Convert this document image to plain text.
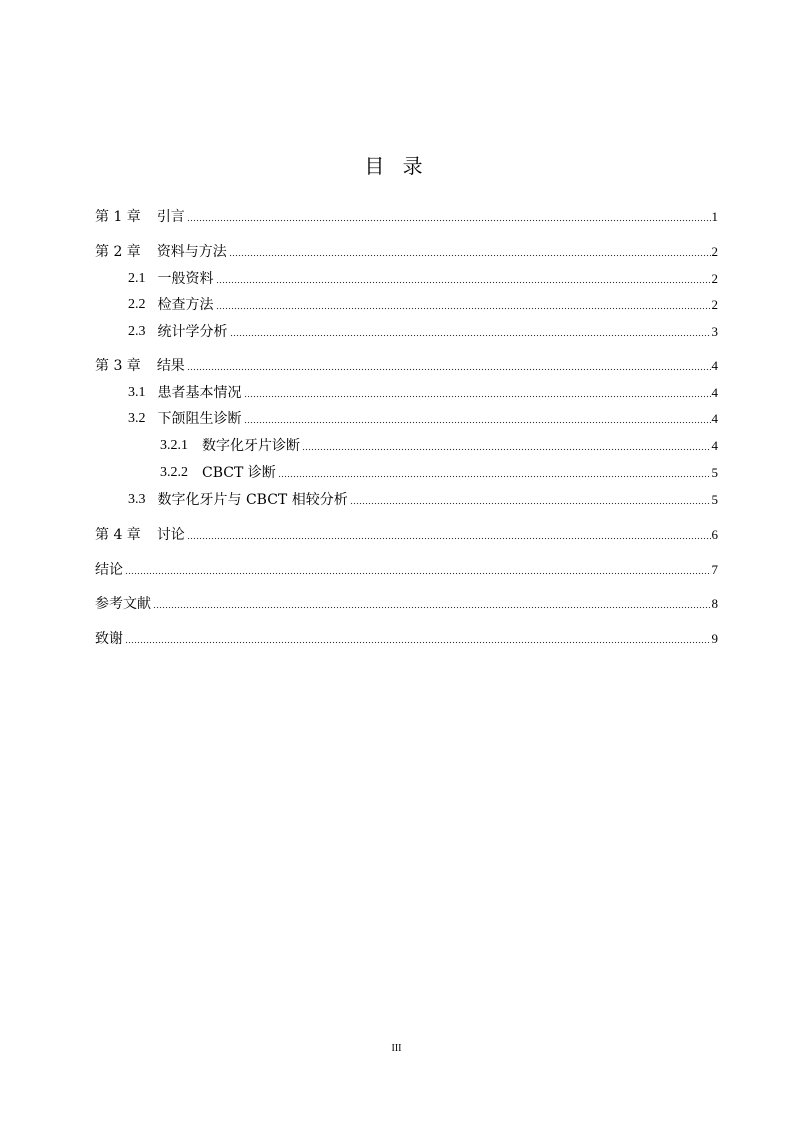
目 录
第 1 章 引言	1
第 2 章 资料与方法	2
2.1 一般资料	2
2.2 检查方法	2
2.3 统计学分析	3
第 3 章 结果	4
3.1 患者基本情况	4
3.2 下颌阻生诊断	4
3.2.1 数字化牙片诊断	4
3.2.2 CBCT 诊断	5
3.3 数字化牙片与 CBCT 相较分析	5
第 4 章 讨论	6
结论	7
参考文献	8
致谢	9
III
